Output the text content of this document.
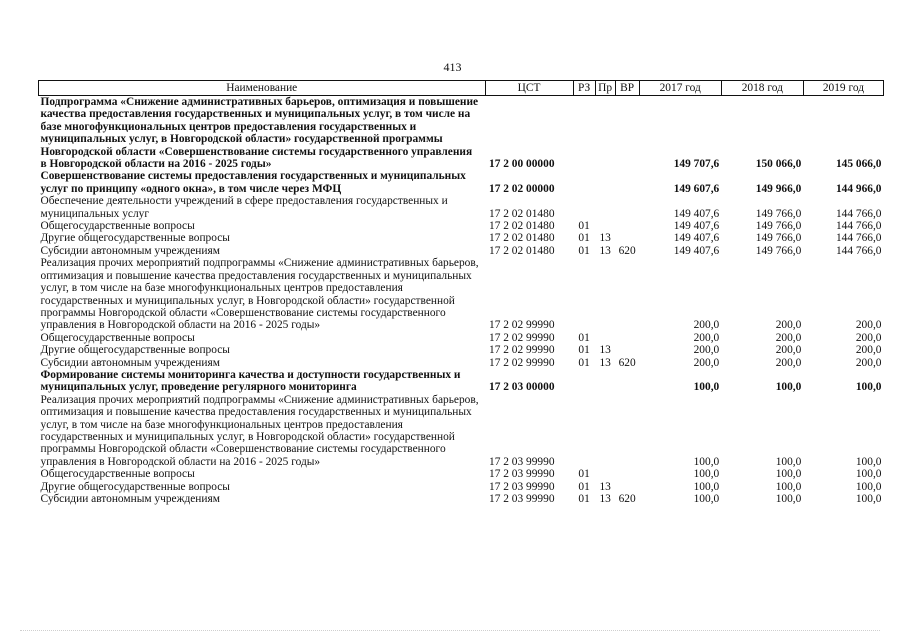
413
Наименование	ЦСТ	РЗ	Пр	ВР	2017 год	2018 год	2019 год
Подпрограмма «Снижение административных барьеров, оптимизация и повышение качества предоставления государственных и муниципальных услуг, в том числе на базе многофункциональных центров предоставления государственных и муниципальных услуг, в Новгородской области» государственной программы Новгородской области «Совершенствование системы государственного управления в Новгородской области на 2016 - 2025 годы»	17 2 00 00000				149 707,6	150 066,0	145 066,0
Совершенствование системы предоставления государственных и муниципальных услуг по принципу «одного окна», в том числе через МФЦ	17 2 02 00000				149 607,6	149 966,0	144 966,0
Обеспечение деятельности учреждений в сфере предоставления государственных и муниципальных услуг	17 2 02 01480				149 407,6	149 766,0	144 766,0
Общегосударственные вопросы	17 2 02 01480	01			149 407,6	149 766,0	144 766,0
Другие общегосударственные вопросы	17 2 02 01480	01	13		149 407,6	149 766,0	144 766,0
Субсидии автономным учреждениям	17 2 02 01480	01	13	620	149 407,6	149 766,0	144 766,0
Реализация прочих мероприятий подпрограммы «Снижение административных барьеров, оптимизация и повышение качества предоставления государственных и муниципальных услуг, в том числе на базе многофункциональных центров предоставления государственных и муниципальных услуг, в Новгородской области» государственной программы Новгородской области «Совершенствование системы государственного управления в Новгородской области на 2016 - 2025 годы»	17 2 02 99990				200,0	200,0	200,0
Общегосударственные вопросы	17 2 02 99990	01			200,0	200,0	200,0
Другие общегосударственные вопросы	17 2 02 99990	01	13		200,0	200,0	200,0
Субсидии автономным учреждениям	17 2 02 99990	01	13	620	200,0	200,0	200,0
Формирование системы мониторинга качества и доступности государственных и муниципальных услуг, проведение регулярного мониторинга	17 2 03 00000				100,0	100,0	100,0
Реализация прочих мероприятий подпрограммы «Снижение административных барьеров, оптимизация и повышение качества предоставления государственных и муниципальных услуг, в том числе на базе многофункциональных центров предоставления государственных и муниципальных услуг, в Новгородской области» государственной программы Новгородской области «Совершенствование системы государственного управления в Новгородской области на 2016 - 2025 годы»	17 2 03 99990				100,0	100,0	100,0
Общегосударственные вопросы	17 2 03 99990	01			100,0	100,0	100,0
Другие общегосударственные вопросы	17 2 03 99990	01	13		100,0	100,0	100,0
Субсидии автономным учреждениям	17 2 03 99990	01	13	620	100,0	100,0	100,0
